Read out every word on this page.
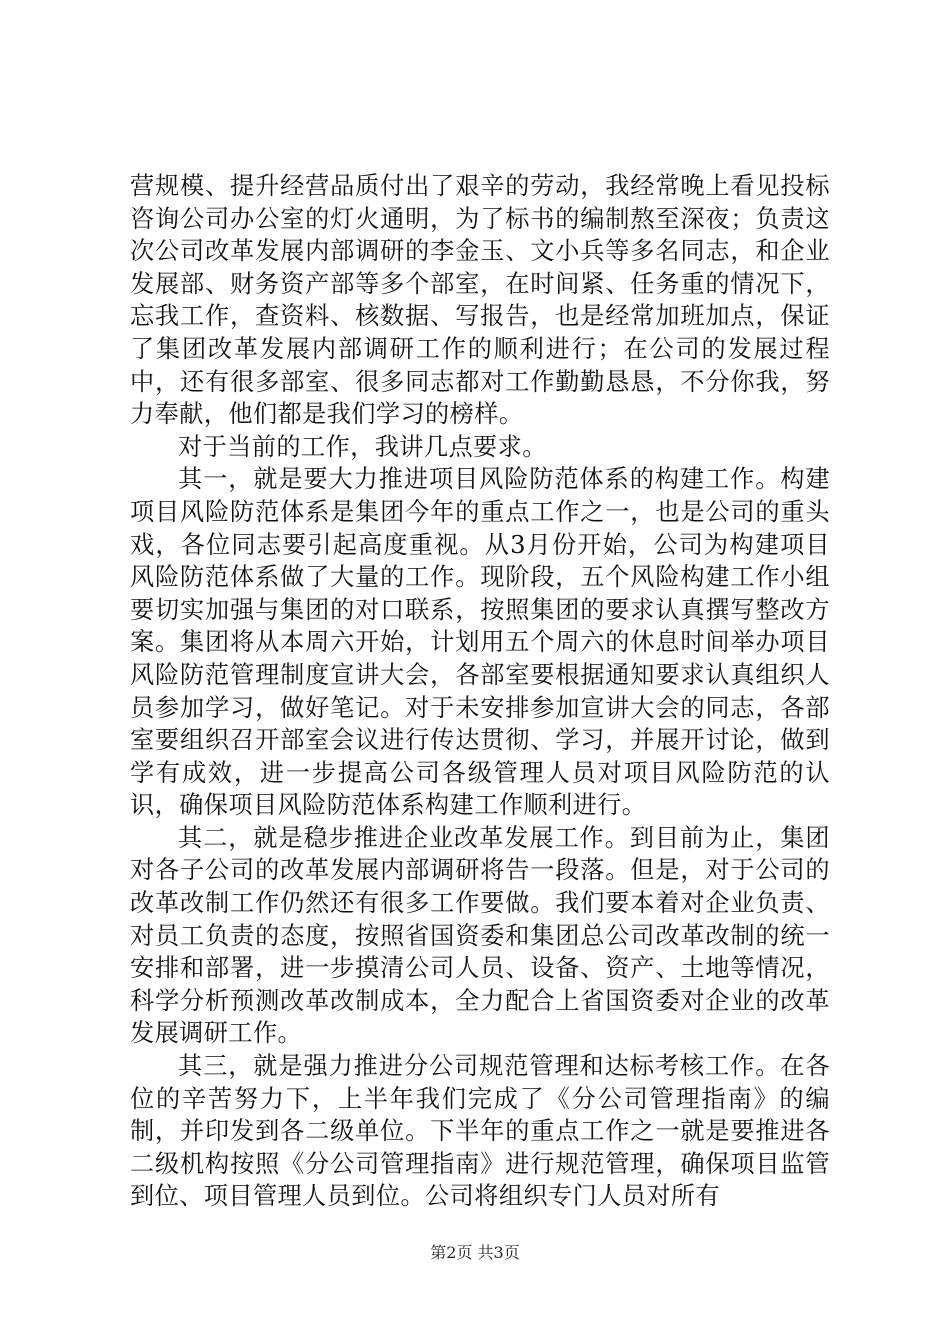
营规模、提升经营品质付出了艰辛的劳动，我经常晚上看见投标咨询公司办公室的灯火通明，为了标书的编制熬至深夜；负责这次公司改革发展内部调研的李金玉、文小兵等多名同志，和企业发展部、财务资产部等多个部室，在时间紧、任务重的情况下，忘我工作，查资料、核数据、写报告，也是经常加班加点，保证了集团改革发展内部调研工作的顺利进行；在公司的发展过程中，还有很多部室、很多同志都对工作勤勤恳恳，不分你我，努力奉献，他们都是我们学习的榜样。

对于当前的工作，我讲几点要求。

其一，就是要大力推进项目风险防范体系的构建工作。构建项目风险防范体系是集团今年的重点工作之一，也是公司的重头戏，各位同志要引起高度重视。从3月份开始，公司为构建项目风险防范体系做了大量的工作。现阶段，五个风险构建工作小组要切实加强与集团的对口联系，按照集团的要求认真撰写整改方案。集团将从本周六开始，计划用五个周六的休息时间举办项目风险防范管理制度宣讲大会，各部室要根据通知要求认真组织人员参加学习，做好笔记。对于未安排参加宣讲大会的同志，各部室要组织召开部室会议进行传达贯彻、学习，并展开讨论，做到学有成效，进一步提高公司各级管理人员对项目风险防范的认识，确保项目风险防范体系构建工作顺利进行。

其二，就是稳步推进企业改革发展工作。到目前为止，集团对各子公司的改革发展内部调研将告一段落。但是，对于公司的改革改制工作仍然还有很多工作要做。我们要本着对企业负责、对员工负责的态度，按照省国资委和集团总公司改革改制的统一安排和部署，进一步摸清公司人员、设备、资产、土地等情况，科学分析预测改革改制成本，全力配合上省国资委对企业的改革发展调研工作。

其三，就是强力推进分公司规范管理和达标考核工作。在各位的辛苦努力下，上半年我们完成了《分公司管理指南》的编制，并印发到各二级单位。下半年的重点工作之一就是要推进各二级机构按照《分公司管理指南》进行规范管理，确保项目监管到位、项目管理人员到位。公司将组织专门人员对所有

第2页 共3页
